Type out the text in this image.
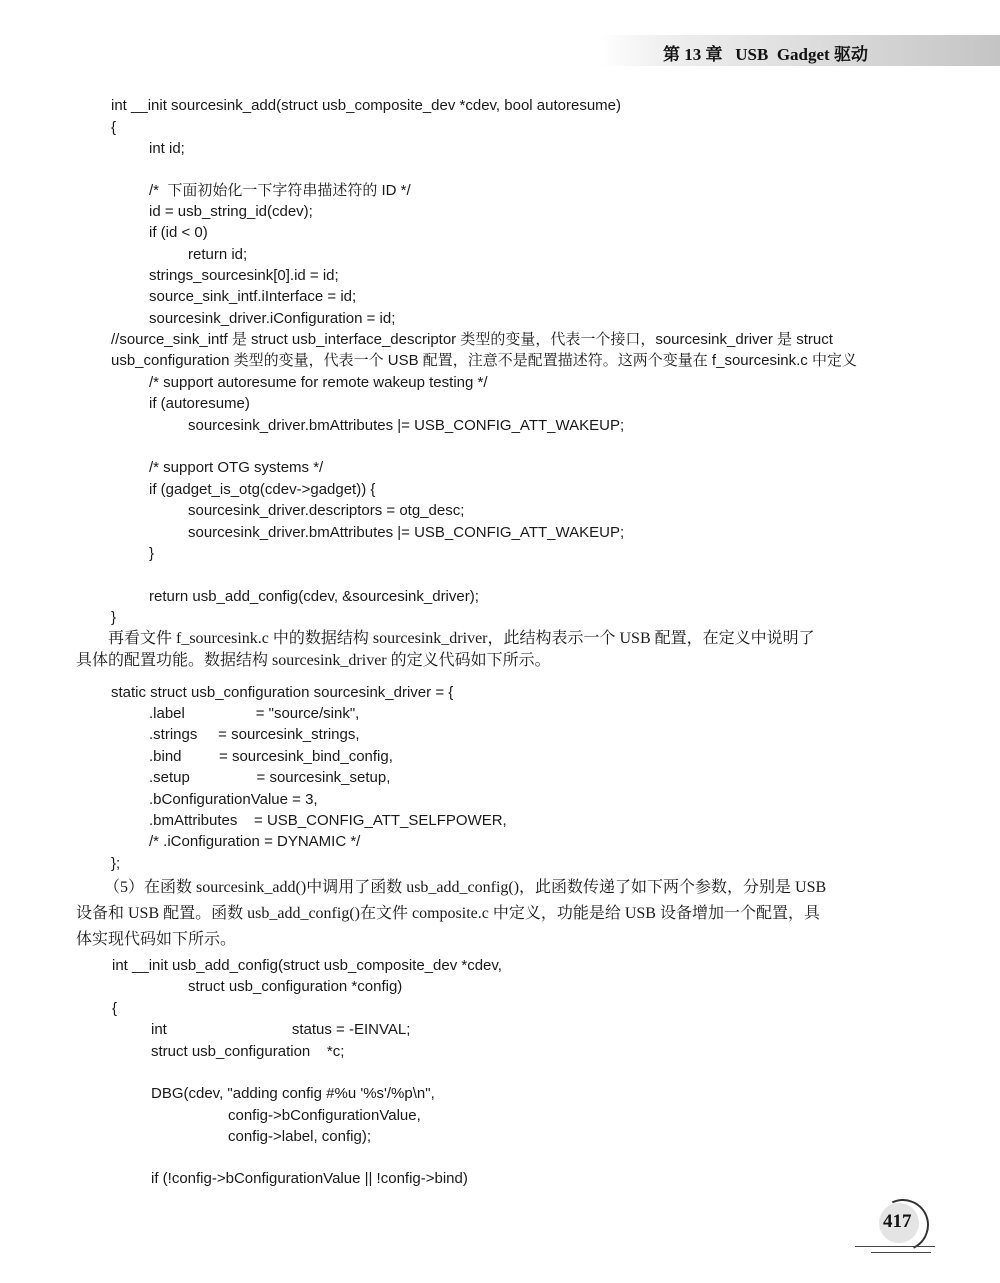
第 13 章   USB  Gadget 驱动
int __init sourcesink_add(struct usb_composite_dev *cdev, bool autoresume)
{
int id;
/*  下面初始化一下字符串描述符的 ID */
id = usb_string_id(cdev);
if (id < 0)
return id;
strings_sourcesink[0].id = id;
source_sink_intf.iInterface = id;
sourcesink_driver.iConfiguration = id;
//source_sink_intf 是 struct usb_interface_descriptor 类型的变量，代表一个接口，sourcesink_driver 是 struct
usb_configuration 类型的变量，代表一个 USB 配置，注意不是配置描述符。这两个变量在 f_sourcesink.c 中定义
/* support autoresume for remote wakeup testing */
if (autoresume)
sourcesink_driver.bmAttributes |= USB_CONFIG_ATT_WAKEUP;
/* support OTG systems */
if (gadget_is_otg(cdev->gadget)) {
sourcesink_driver.descriptors = otg_desc;
sourcesink_driver.bmAttributes |= USB_CONFIG_ATT_WAKEUP;
}
return usb_add_config(cdev, &sourcesink_driver);
}
再看文件 f_sourcesink.c 中的数据结构 sourcesink_driver，此结构表示一个 USB 配置，在定义中说明了
具体的配置功能。数据结构 sourcesink_driver 的定义代码如下所示。
static struct usb_configuration sourcesink_driver = {
.label                 = "source/sink",
.strings     = sourcesink_strings,
.bind         = sourcesink_bind_config,
.setup                = sourcesink_setup,
.bConfigurationValue = 3,
.bmAttributes    = USB_CONFIG_ATT_SELFPOWER,
/* .iConfiguration = DYNAMIC */
};
（5）在函数 sourcesink_add()中调用了函数 usb_add_config()，此函数传递了如下两个参数，分别是 USB
设备和 USB 配置。函数 usb_add_config()在文件 composite.c 中定义，功能是给 USB 设备增加一个配置，具
体实现代码如下所示。
int __init usb_add_config(struct usb_composite_dev *cdev,
struct usb_configuration *config)
{
int                              status = -EINVAL;
struct usb_configuration    *c;
DBG(cdev, "adding config #%u '%s'/%p\n",
config->bConfigurationValue,
config->label, config);
if (!config->bConfigurationValue || !config->bind)
417
